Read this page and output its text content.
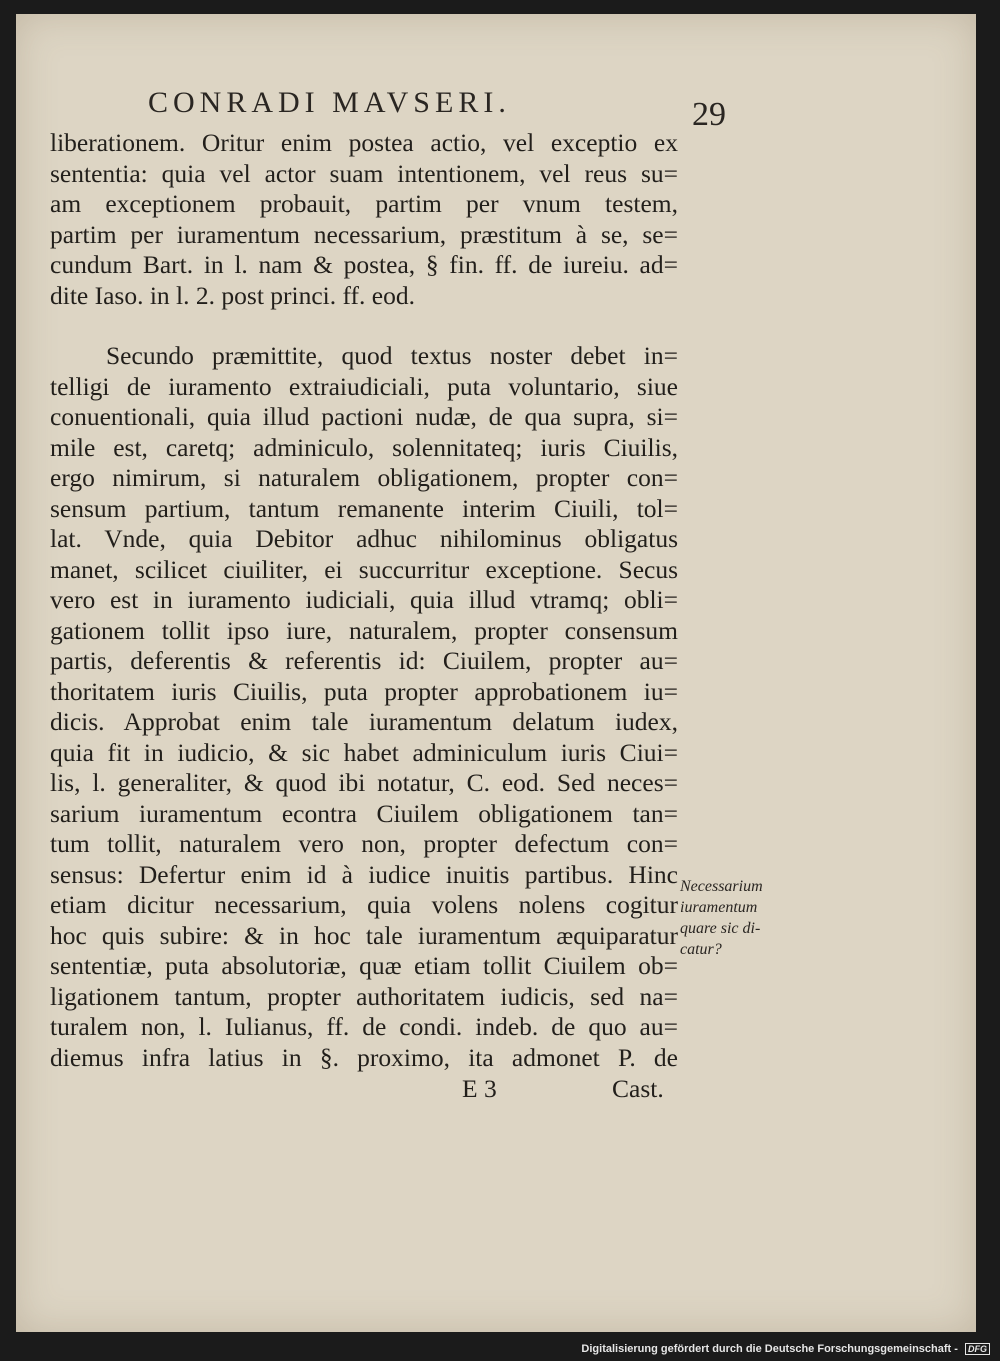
CONRADI MAVSERI.	29
liberationem. Oritur enim postea actio, vel exceptio ex
sententia: quia vel actor suam intentionem, vel reus su=
am exceptionem probauit, partim per vnum testem,
partim per iuramentum necessarium, præstitum à se, se=
cundum Bart. in l. nam & postea, § fin. ff. de iureiu. ad=
dite Iaso. in l. 2. post princi. ff. eod.
Secundo præmittite, quod textus noster debet in=
telligi de iuramento extraiudiciali, puta voluntario, siue
conuentionali, quia illud pactioni nudæ, de qua supra, si=
mile est, caretq; adminiculo, solennitateq; iuris Ciuilis,
ergo nimirum, si naturalem obligationem, propter con=
sensum partium, tantum remanente interim Ciuili, tol=
lat. Vnde, quia Debitor adhuc nihilominus obligatus
manet, scilicet ciuiliter, ei succurritur exceptione. Secus
vero est in iuramento iudiciali, quia illud vtramq; obli=
gationem tollit ipso iure, naturalem, propter consensum
partis, deferentis & referentis id: Ciuilem, propter au=
thoritatem iuris Ciuilis, puta propter approbationem iu=
dicis. Approbat enim tale iuramentum delatum iudex,
quia fit in iudicio, & sic habet adminiculum iuris Ciui=
lis, l. generaliter, & quod ibi notatur, C. eod. Sed neces=
sarium iuramentum econtra Ciuilem obligationem tan=
tum tollit, naturalem vero non, propter defectum con=
sensus: Defertur enim id à iudice inuitis partibus. Hinc
etiam dicitur necessarium, quia volens nolens cogitur
hoc quis subire: & in hoc tale iuramentum æquiparatur
sententiæ, puta absolutoriæ, quæ etiam tollit Ciuilem ob=
ligationem tantum, propter authoritatem iudicis, sed na=
turalem non, l. Iulianus, ff. de condi. indeb. de quo au=
diemus infra latius in §. proximo, ita admonet P. de
Necessarium
iuramentum
quare sic di-
catur?
E 3	Cast.
Digitalisierung gefördert durch die Deutsche Forschungsgemeinschaft - DFG
